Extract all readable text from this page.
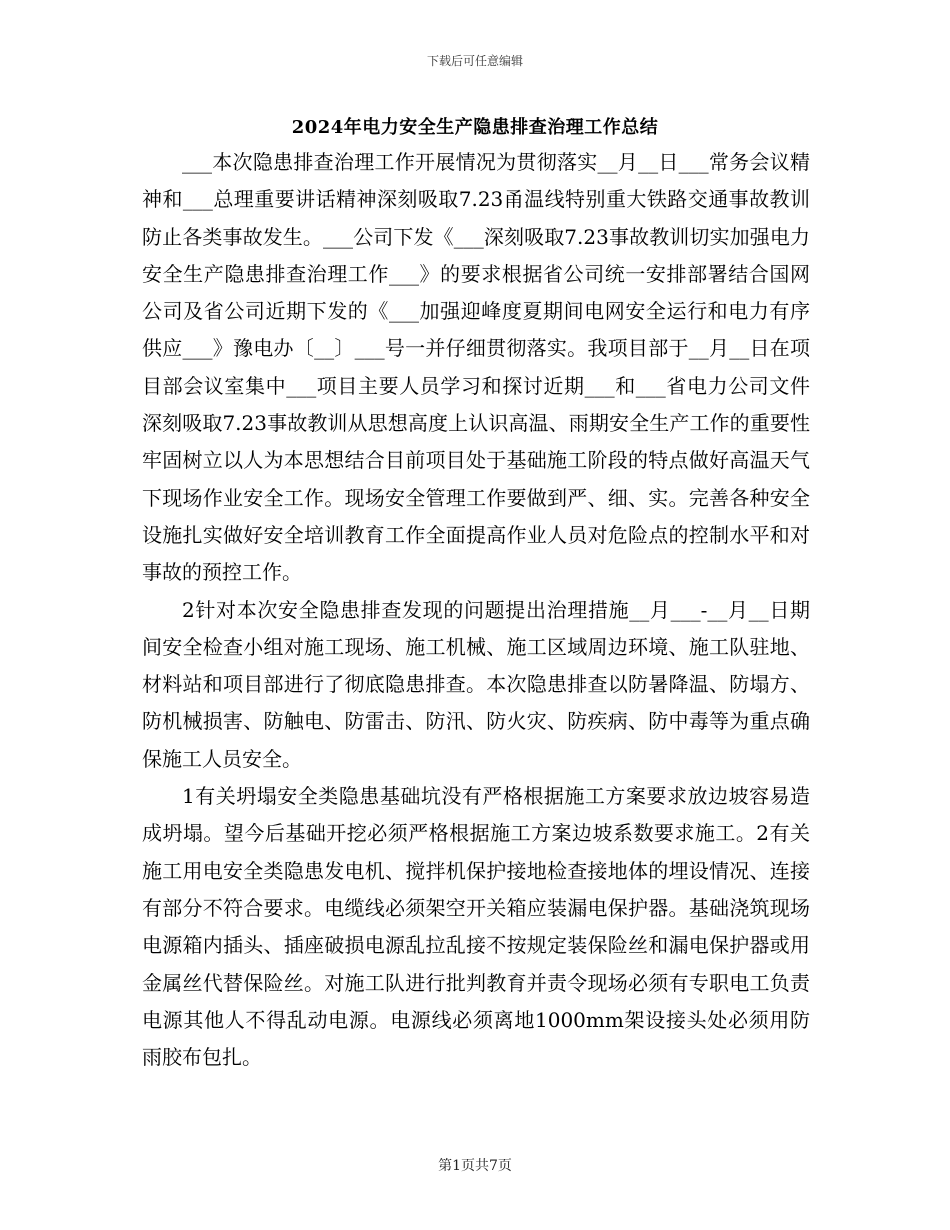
下载后可任意编辑
2024年电力安全生产隐患排查治理工作总结

___本次隐患排查治理工作开展情况为贯彻落实__月__日___常务会议精神和___总理重要讲话精神深刻吸取7.23甬温线特别重大铁路交通事故教训防止各类事故发生。___公司下发《___深刻吸取7.23事故教训切实加强电力安全生产隐患排查治理工作___》的要求根据省公司统一安排部署结合国网公司及省公司近期下发的《___加强迎峰度夏期间电网安全运行和电力有序供应___》豫电办〔__〕___号一并仔细贯彻落实。我项目部于__月__日在项目部会议室集中___项目主要人员学习和探讨近期___和___省电力公司文件深刻吸取7.23事故教训从思想高度上认识高温、雨期安全生产工作的重要性牢固树立以人为本思想结合目前项目处于基础施工阶段的特点做好高温天气下现场作业安全工作。现场安全管理工作要做到严、细、实。完善各种安全设施扎实做好安全培训教育工作全面提高作业人员对危险点的控制水平和对事故的预控工作。

2针对本次安全隐患排查发现的问题提出治理措施__月___-__月__日期间安全检查小组对施工现场、施工机械、施工区域周边环境、施工队驻地、材料站和项目部进行了彻底隐患排查。本次隐患排查以防暑降温、防塌方、防机械损害、防触电、防雷击、防汛、防火灾、防疾病、防中毒等为重点确保施工人员安全。

1有关坍塌安全类隐患基础坑没有严格根据施工方案要求放边坡容易造成坍塌。望今后基础开挖必须严格根据施工方案边坡系数要求施工。2有关施工用电安全类隐患发电机、搅拌机保护接地检查接地体的埋设情况、连接有部分不符合要求。电缆线必须架空开关箱应装漏电保护器。基础浇筑现场电源箱内插头、插座破损电源乱拉乱接不按规定装保险丝和漏电保护器或用金属丝代替保险丝。对施工队进行批判教育并责令现场必须有专职电工负责电源其他人不得乱动电源。电源线必须离地1000mm架设接头处必须用防雨胶布包扎。

第1页共7页
